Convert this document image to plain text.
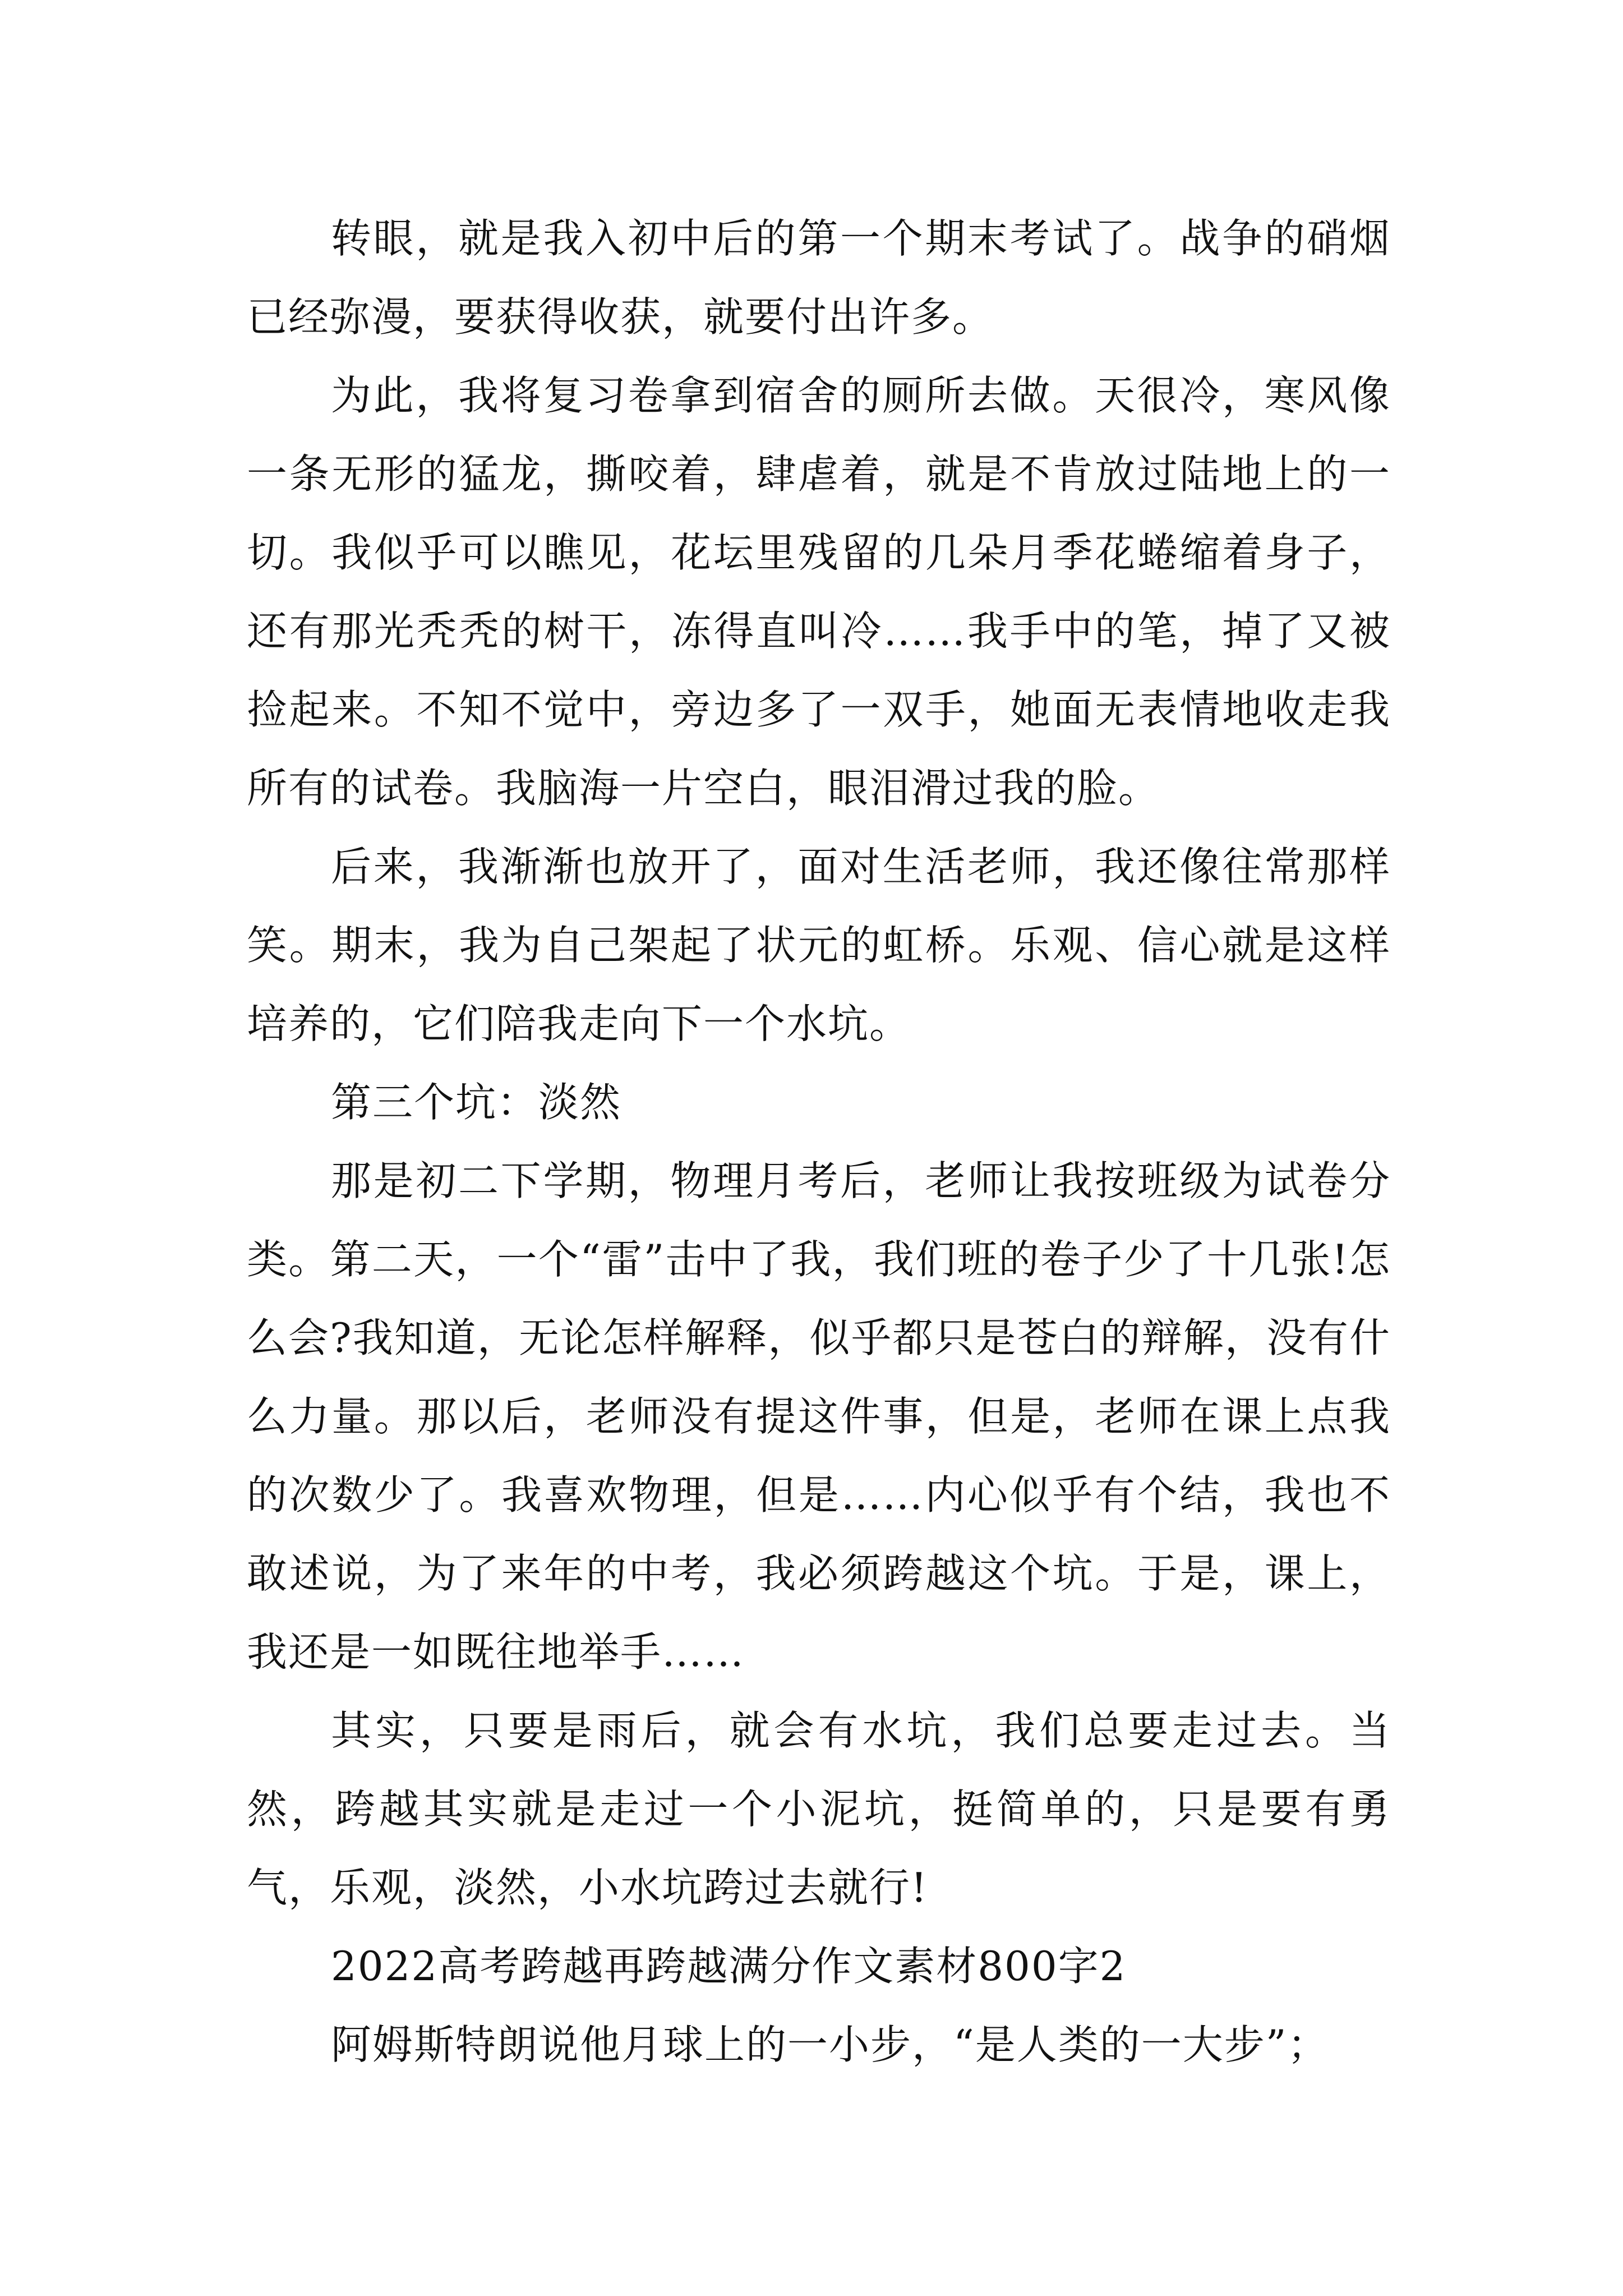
转眼，就是我入初中后的第一个期末考试了。战争的硝烟已经弥漫，要获得收获，就要付出许多。

为此，我将复习卷拿到宿舍的厕所去做。天很冷，寒风像一条无形的猛龙，撕咬着，肆虐着，就是不肯放过陆地上的一切。我似乎可以瞧见，花坛里残留的几朵月季花蜷缩着身子，还有那光秃秃的树干，冻得直叫冷……我手中的笔，掉了又被捡起来。不知不觉中，旁边多了一双手，她面无表情地收走我所有的试卷。我脑海一片空白，眼泪滑过我的脸。

后来，我渐渐也放开了，面对生活老师，我还像往常那样笑。期末，我为自己架起了状元的虹桥。乐观、信心就是这样培养的，它们陪我走向下一个水坑。

第三个坑：淡然

那是初二下学期，物理月考后，老师让我按班级为试卷分类。第二天，一个“雷”击中了我，我们班的卷子少了十几张!怎么会?我知道，无论怎样解释，似乎都只是苍白的辩解，没有什么力量。那以后，老师没有提这件事，但是，老师在课上点我的次数少了。我喜欢物理，但是……内心似乎有个结，我也不敢述说，为了来年的中考，我必须跨越这个坑。于是，课上，我还是一如既往地举手……

其实，只要是雨后，就会有水坑，我们总要走过去。当然，跨越其实就是走过一个小泥坑，挺简单的，只是要有勇气，乐观，淡然，小水坑跨过去就行!

2022高考跨越再跨越满分作文素材800字2

阿姆斯特朗说他月球上的一小步，“是人类的一大步”；
